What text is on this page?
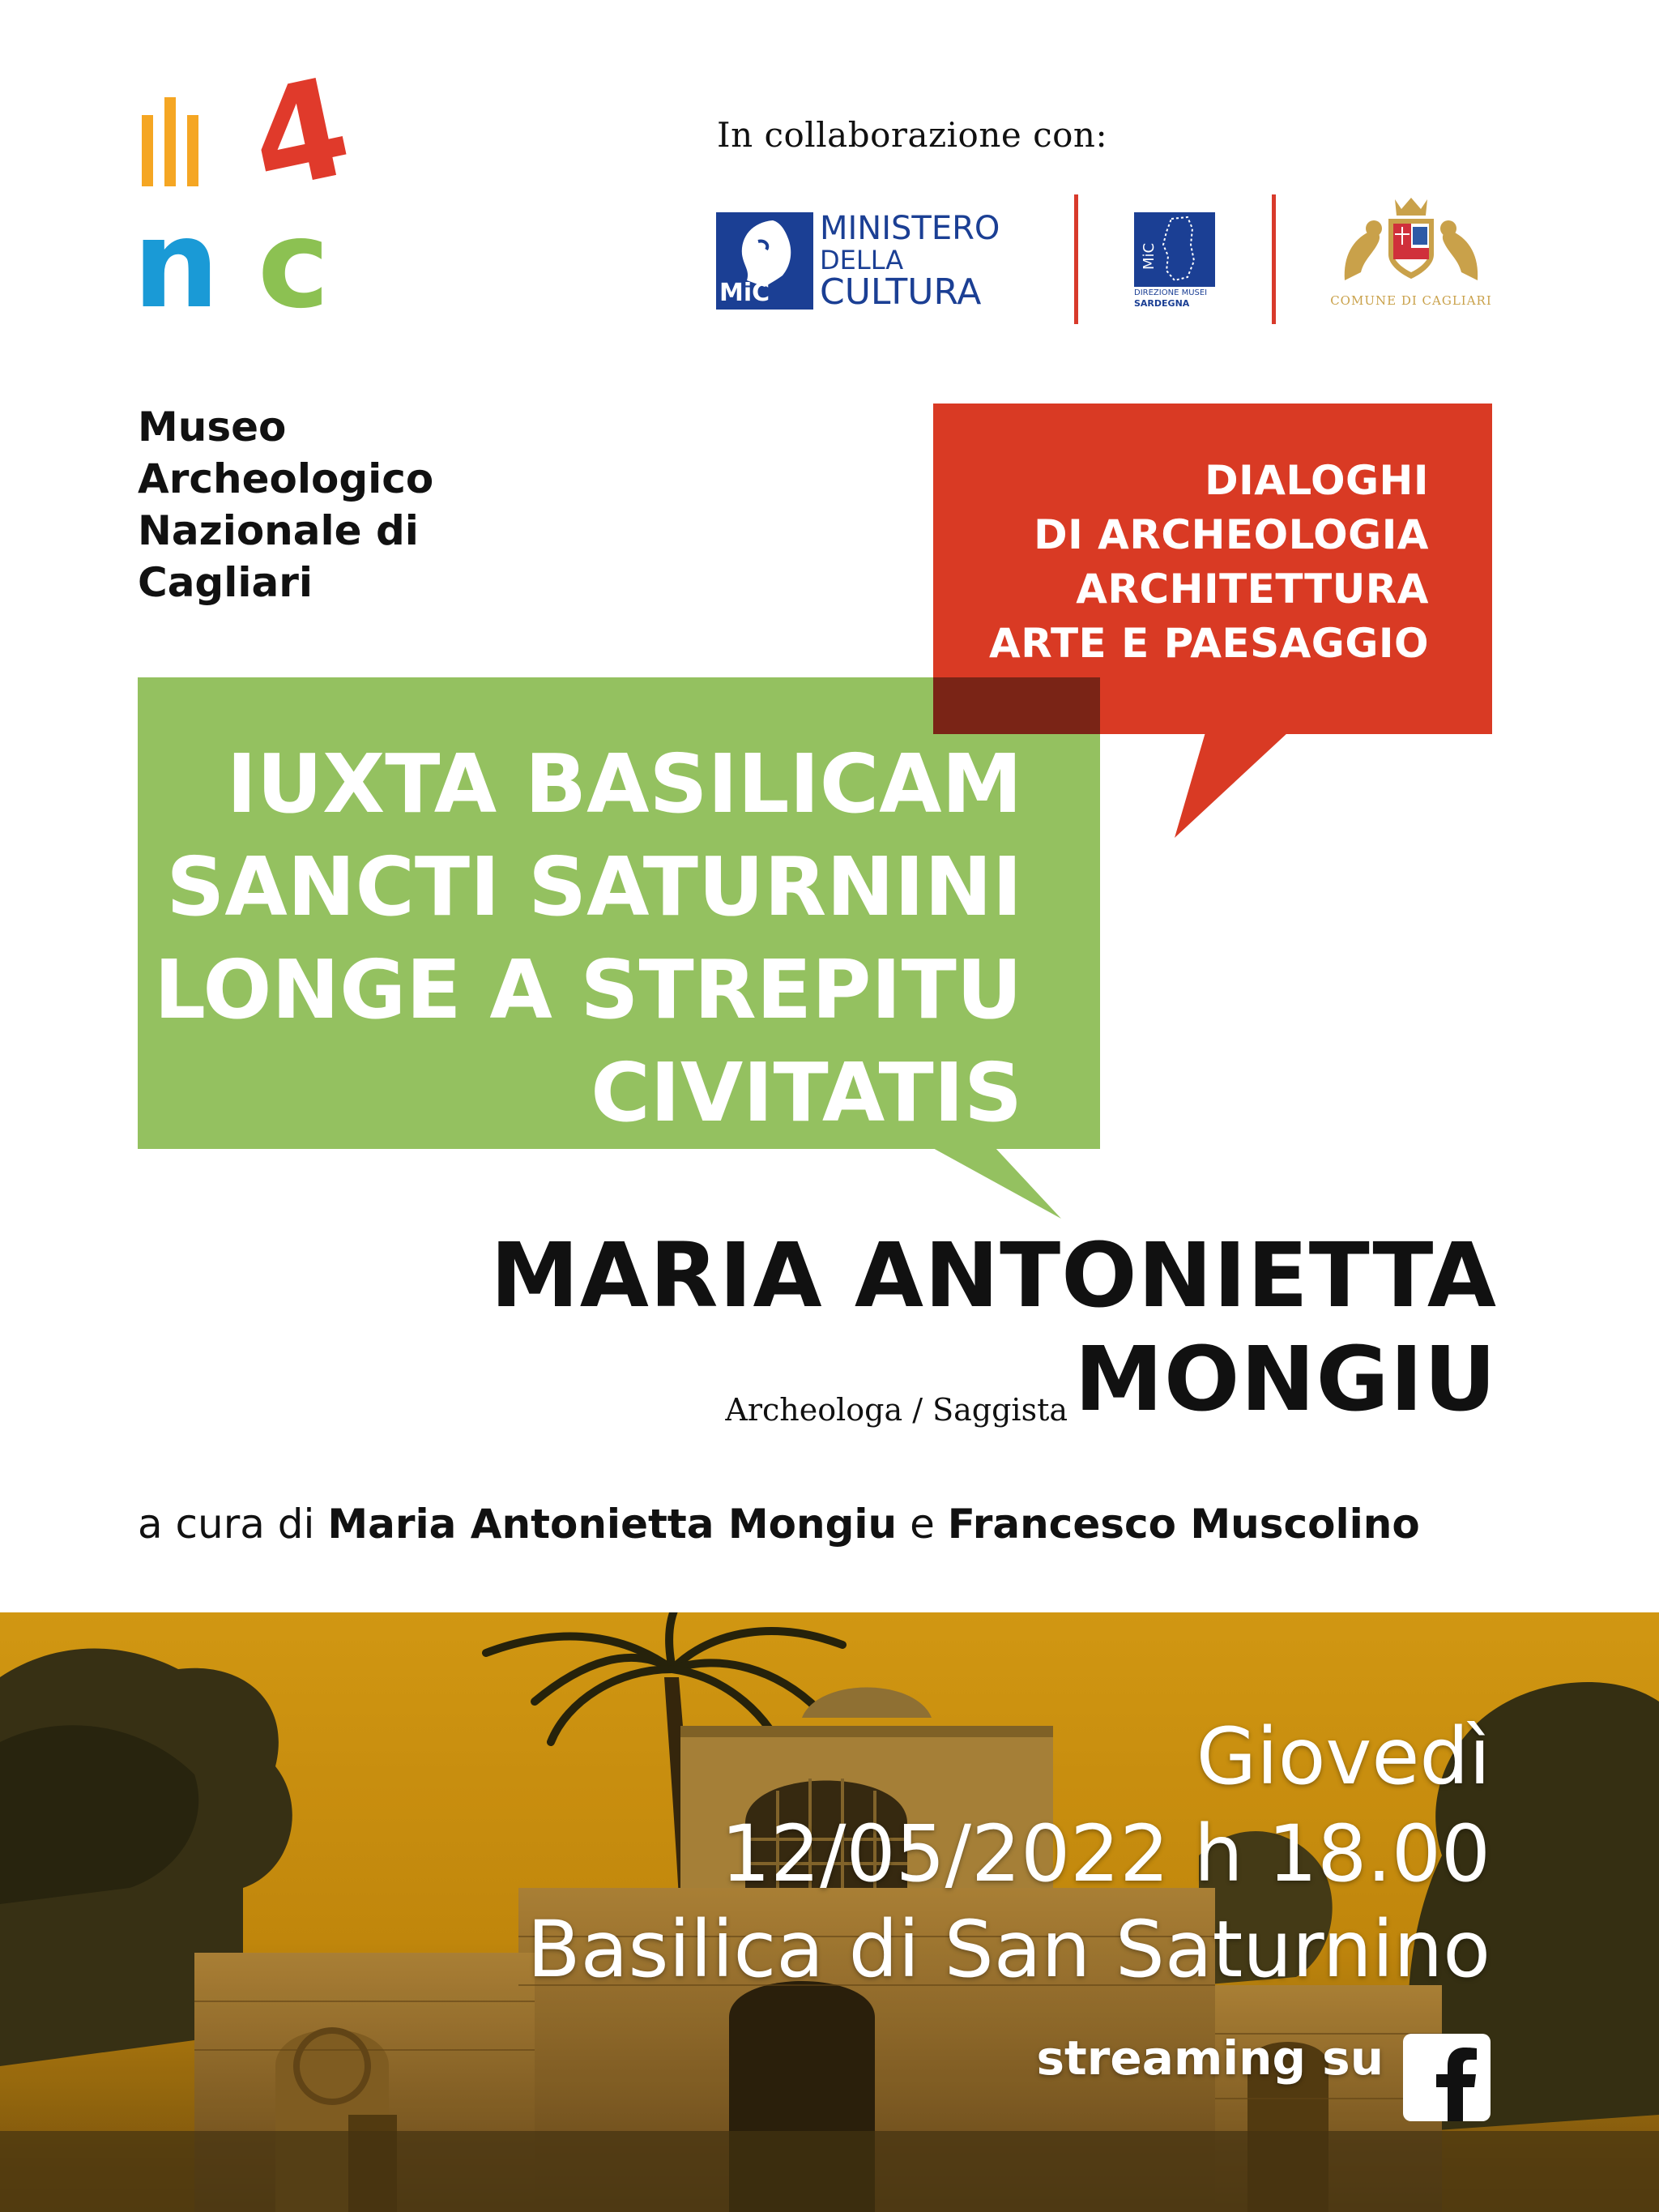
4
n c
In collaborazione con:
MiC
MINISTERO
DELLA
CULTURA
MiC
DIREZIONE MUSEI
SARDEGNA	COMUNE DI CAGLIARI
Museo
Archeologico
Nazionale di
Cagliari
DIALOGHI
DI ARCHEOLOGIA
ARCHITETTURA
ARTE E PAESAGGIO
IUXTA BASILICAM
SANCTI SATURNINI
LONGE A STREPITU
CIVITATIS
MARIA ANTONIETTA
Archeologa / Saggista MONGIU
a cura di Maria Antonietta Mongiu e Francesco Muscolino
Giovedì
12/05/2022 h 18.00
Basilica di San Saturnino
streaming su
